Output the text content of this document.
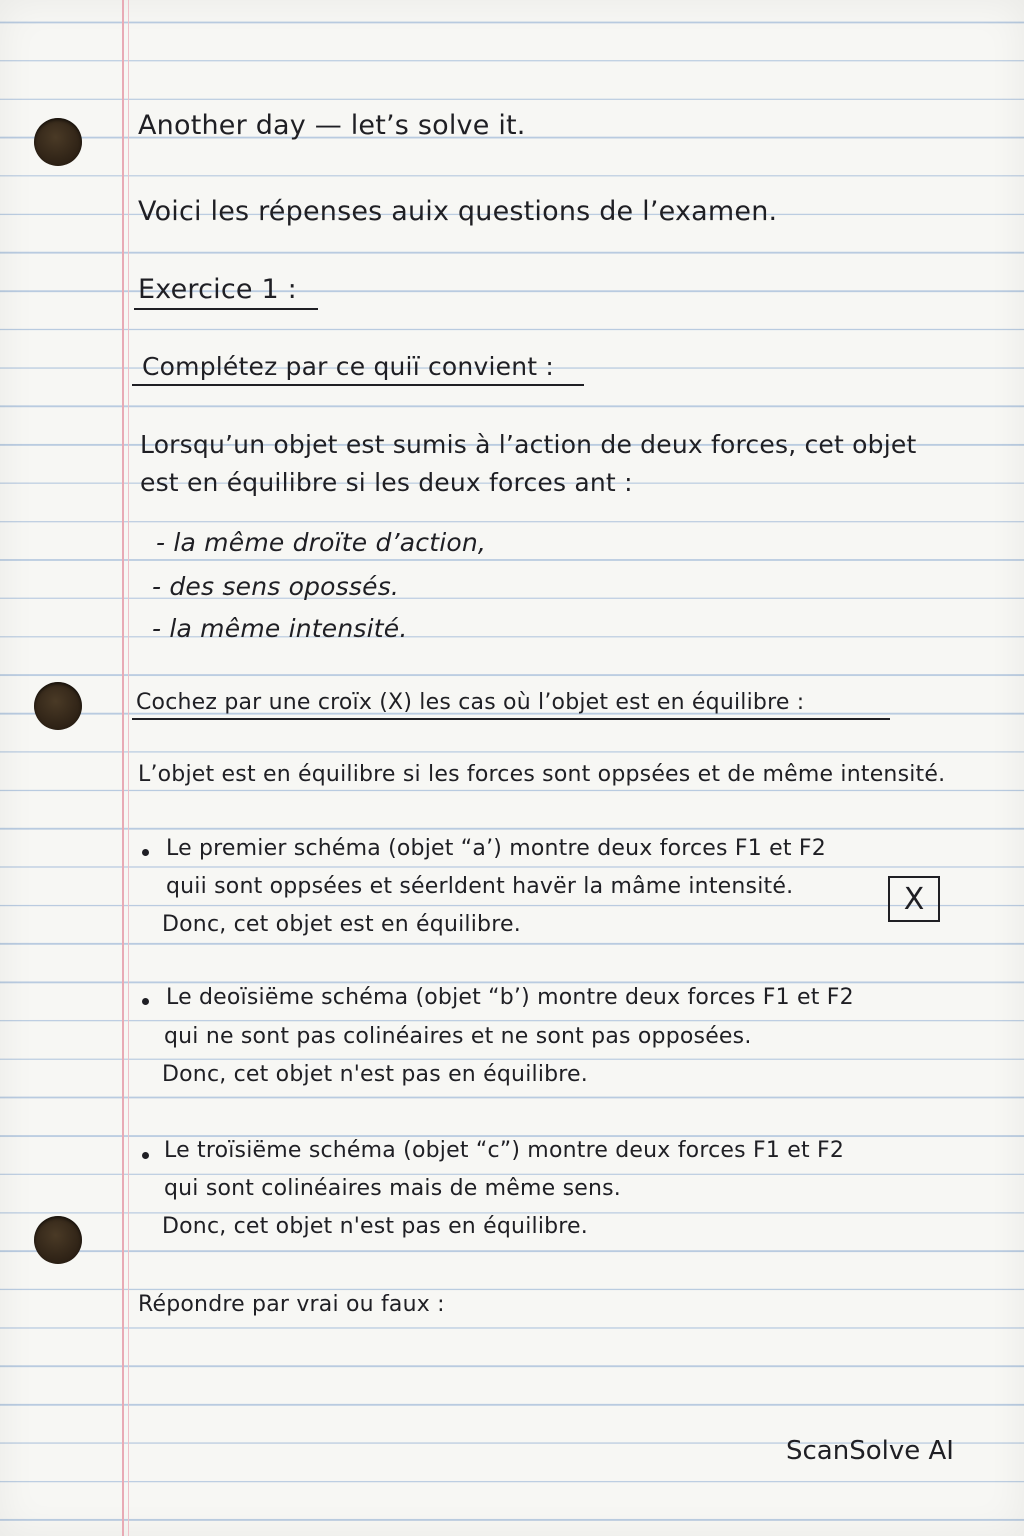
Another day — let’s solve it.
Voici les répenses auix questions de l’examen.
Exercice 1 :
Complétez par ce quiï convient :
Lorsqu’un objet est sumis à l’action de deux forces, cet objet
est en équilibre si les deux forces ant :
- la même droïte d’action,
- des sens opossés.
- la même intensité.
Cochez par une croïx (X) les cas où l’objet est en équilibre :
L’objet est en équilibre si les forces sont oppsées et de même intensité.
Le premier schéma (objet “a’) montre deux forces F1 et F2
quii sont oppsées et séerldent havër la mâme intensité.
Donc, cet objet est en équilibre.
X
Le deoïsiëme schéma (objet “b’) montre deux forces F1 et F2
qui ne sont pas colinéaires et ne sont pas opposées.
Donc, cet objet n'est pas en équilibre.
Le troïsiëme schéma (objet “c”) montre deux forces F1 et F2
qui sont colinéaires mais de même sens.
Donc, cet objet n'est pas en équilibre.
Répondre par vrai ou faux :
ScanSolve AI
